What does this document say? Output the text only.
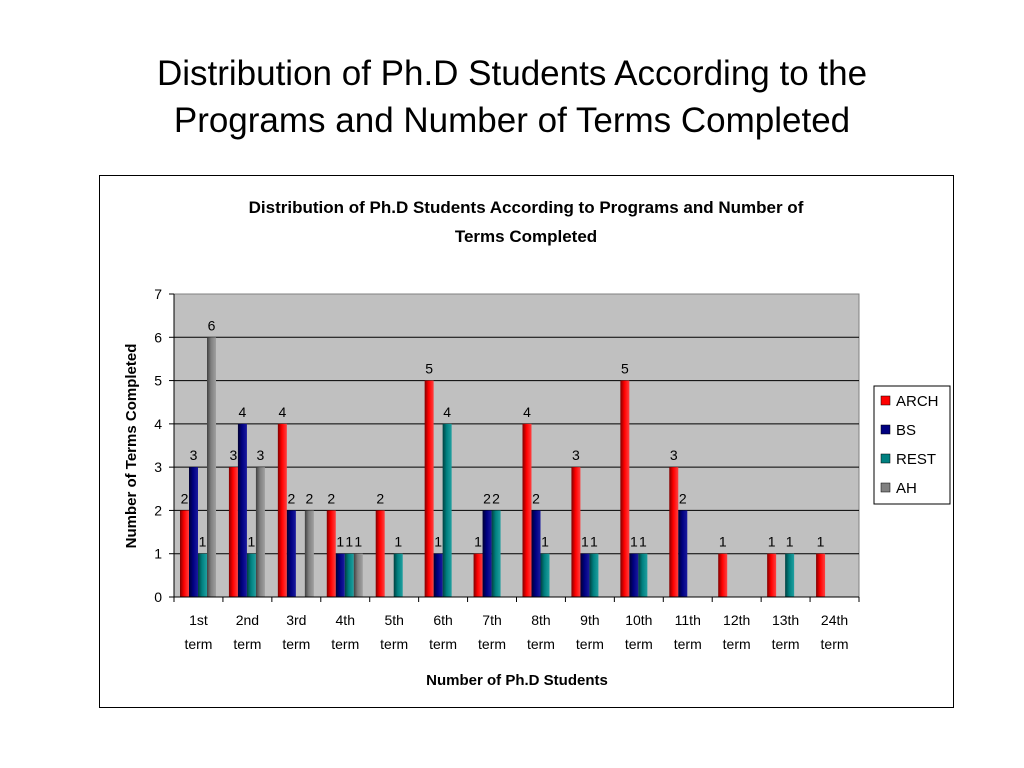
Distribution of Ph.D Students According to the
Programs and Number of Terms Completed
Distribution of Ph.D Students According to Programs and Number of
Terms Completed
2
3
1
6
3
4
1
3
4
2 2 2
1 1 1
2
1
5
1
4
1
2 2
4
2
1
3
1 1
5
1 1
3
2
1	1 1 1
0
1
2
3
4
5
6
7
1st
term
2nd
term
3rd
term
4th
term
5th
term
6th
term
7th
term
8th
term
9th
term
10th
term
11th
term
12th
term
13th
term
24th
term
Number of Ph.D Students
Number of Terms Completed	ARCH
BS
REST
AH
